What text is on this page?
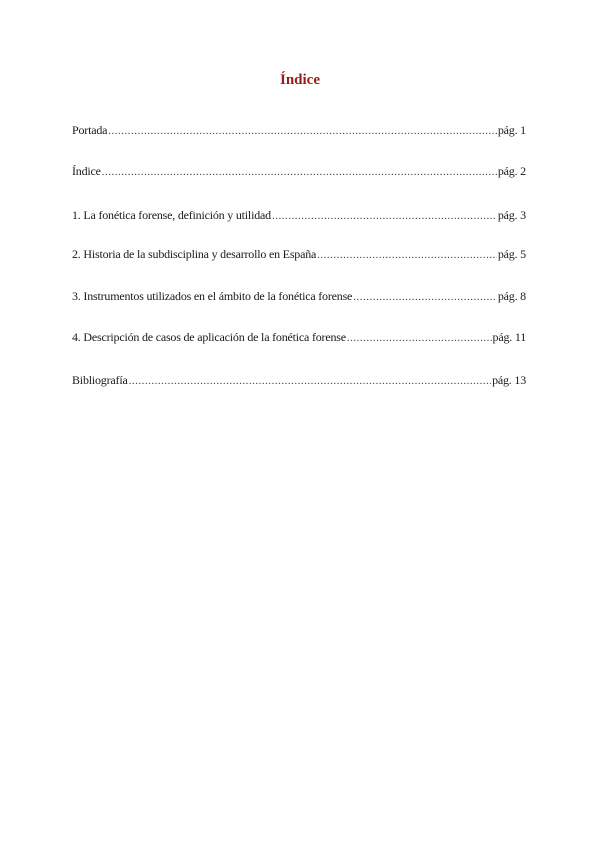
Índice
Portada .....	pág. 1
Índice .....	pág. 2
1. La fonética forense, definición y utilidad .....	pág. 3
2. Historia de la subdisciplina y desarrollo en España .....	pág. 5
3. Instrumentos utilizados en el ámbito de la fonética forense .....	pág. 8
4. Descripción de casos de aplicación de la fonética forense .....	pág. 11
Bibliografía .....	pág. 13
